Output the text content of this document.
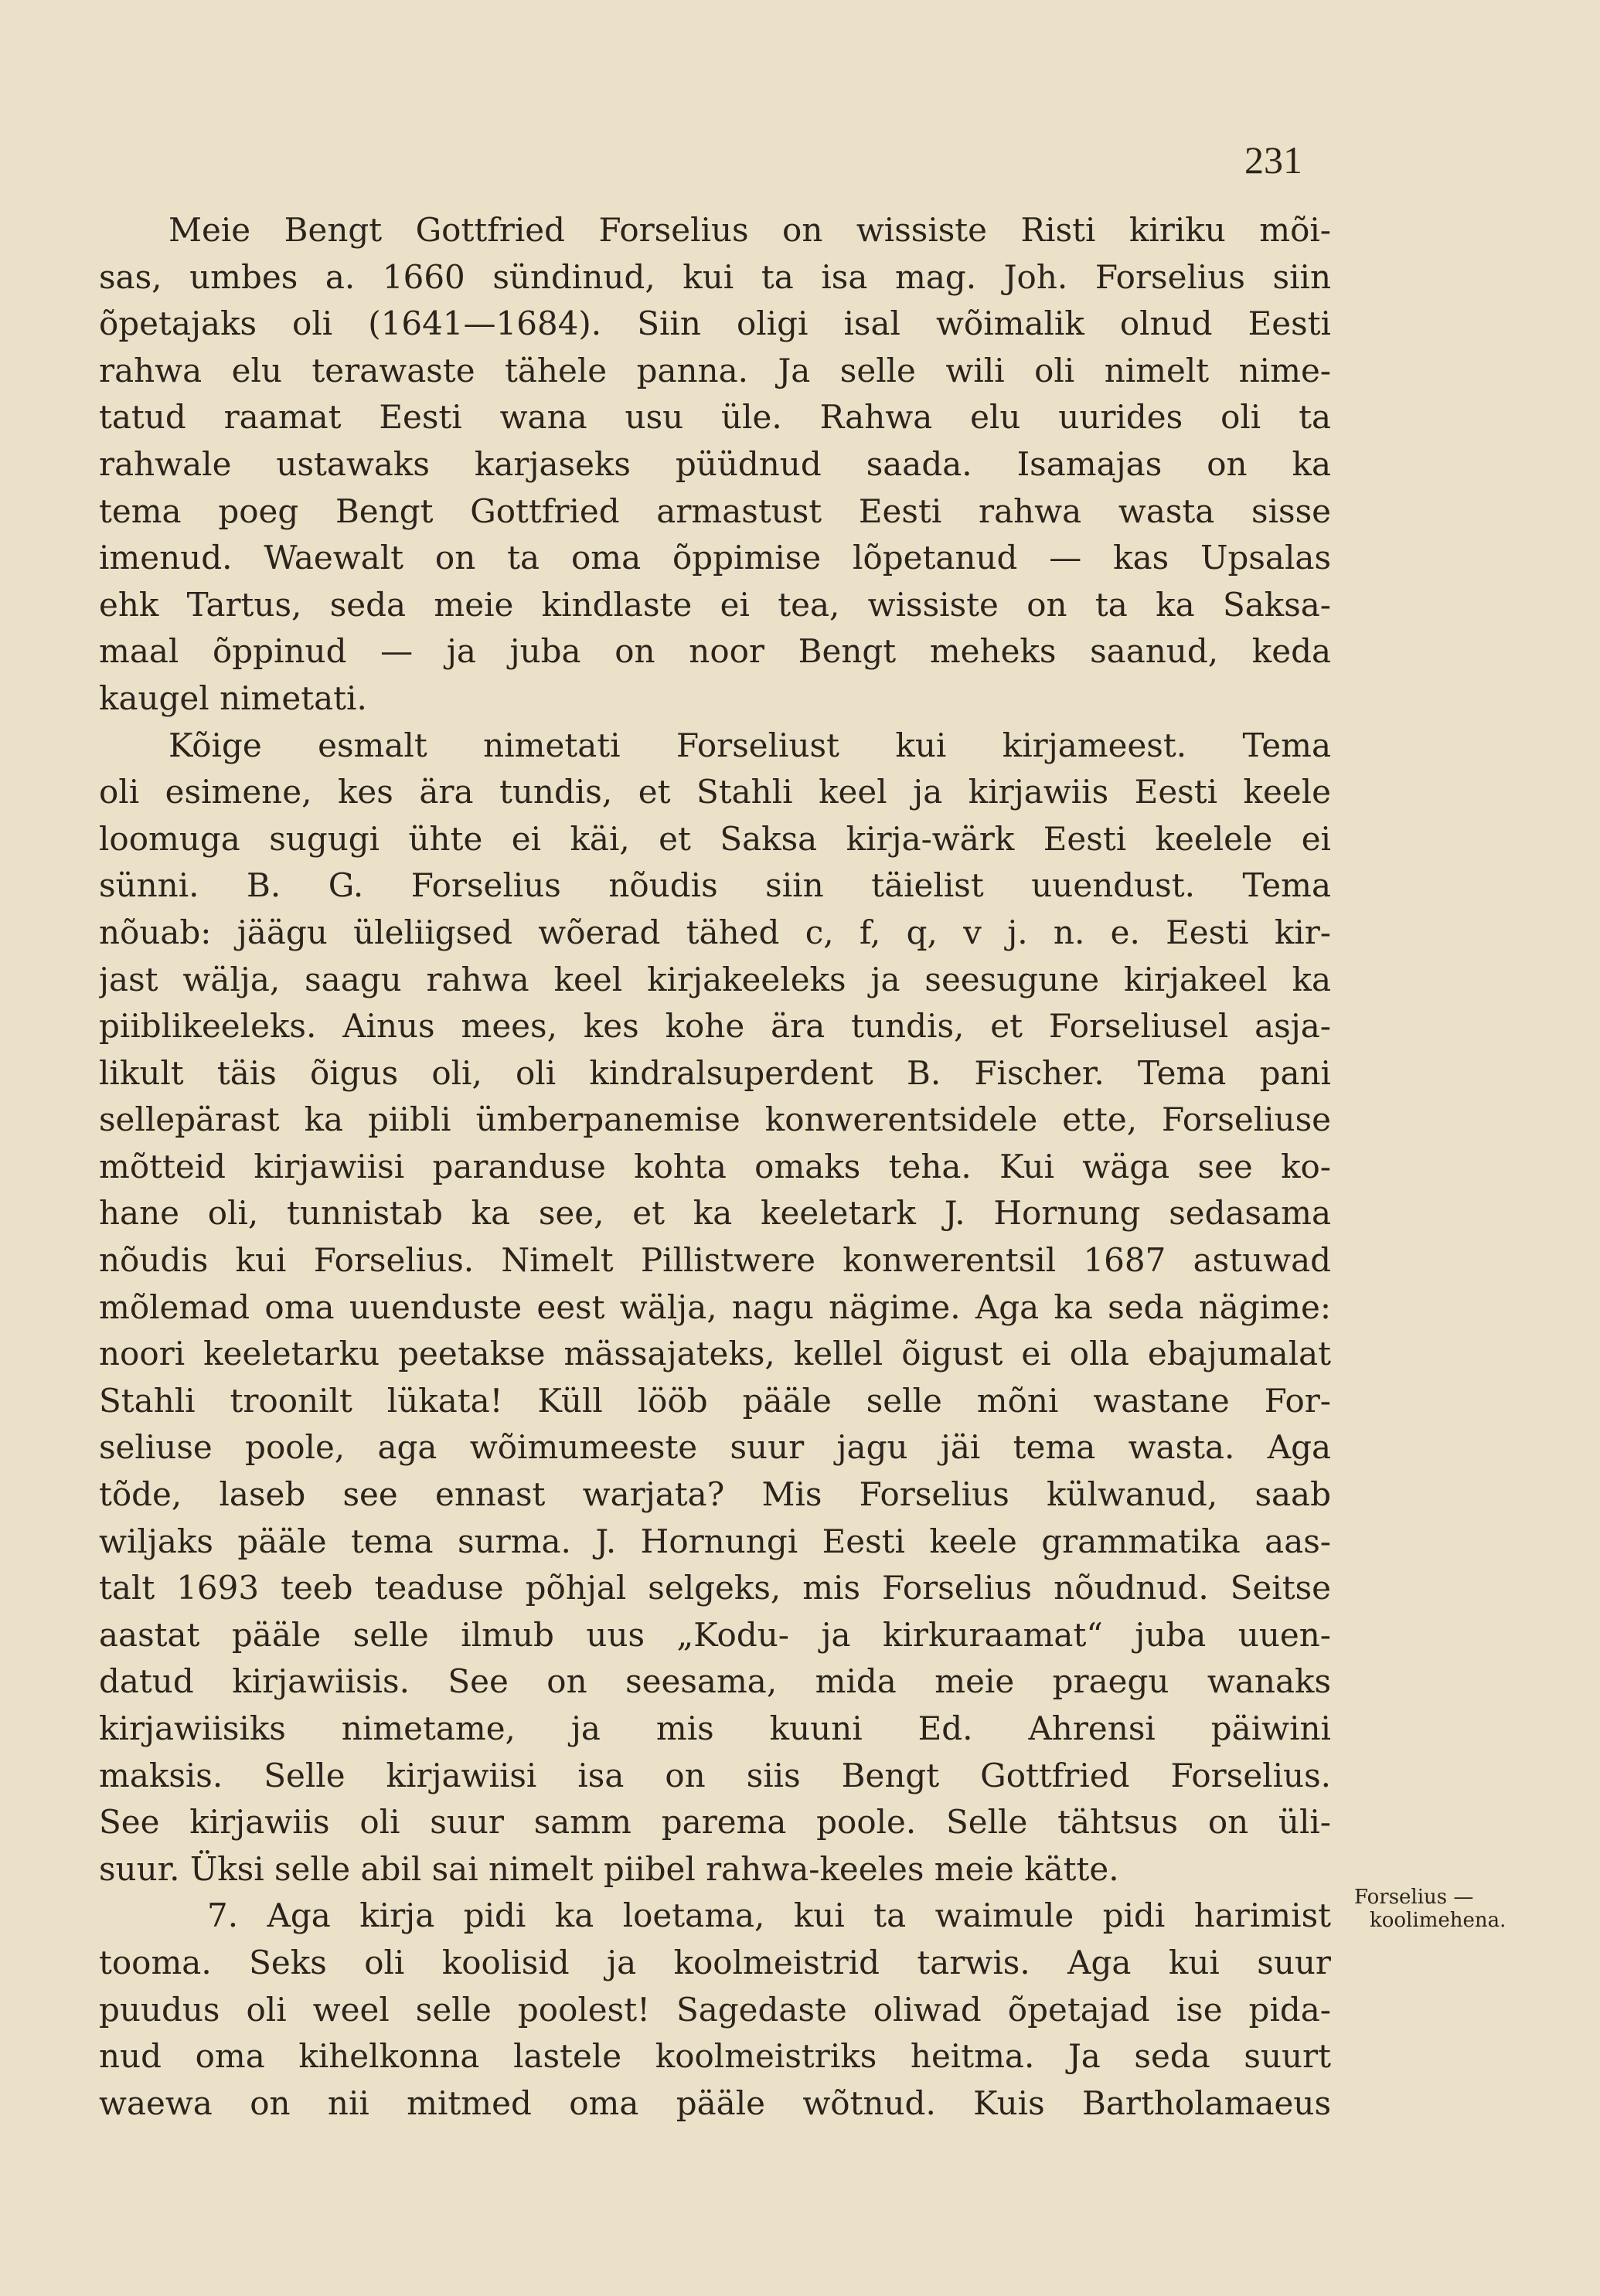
231
Meie Bengt Gottfried Forselius on wissiste Risti kiriku mõi-
sas, umbes a. 1660 sündinud, kui ta isa mag. Joh. Forselius siin
õpetajaks oli (1641—1684). Siin oligi isal wõimalik olnud Eesti
rahwa elu terawaste tähele panna. Ja selle wili oli nimelt nime-
tatud raamat Eesti wana usu üle. Rahwa elu uurides oli ta
rahwale ustawaks karjaseks püüdnud saada. Isamajas on ka
tema poeg Bengt Gottfried armastust Eesti rahwa wasta sisse
imenud. Waewalt on ta oma õppimise lõpetanud — kas Upsalas
ehk Tartus, seda meie kindlaste ei tea, wissiste on ta ka Saksa-
maal õppinud — ja juba on noor Bengt meheks saanud, keda
kaugel nimetati.
Kõige esmalt nimetati Forseliust kui kirjameest. Tema
oli esimene, kes ära tundis, et Stahli keel ja kirjawiis Eesti keele
loomuga sugugi ühte ei käi, et Saksa kirja-wärk Eesti keelele ei
sünni. B. G. Forselius nõudis siin täielist uuendust. Tema
nõuab: jäägu üleliigsed wõerad tähed c, f, q, v j. n. e. Eesti kir-
jast wälja, saagu rahwa keel kirjakeeleks ja seesugune kirjakeel ka
piiblikeeleks. Ainus mees, kes kohe ära tundis, et Forseliusel asja-
likult täis õigus oli, oli kindralsuperdent B. Fischer. Tema pani
sellepärast ka piibli ümberpanemise konwerentsidele ette, Forseliuse
mõtteid kirjawiisi paranduse kohta omaks teha. Kui wäga see ko-
hane oli, tunnistab ka see, et ka keeletark J. Hornung sedasama
nõudis kui Forselius. Nimelt Pillistwere konwerentsil 1687 astuwad
mõlemad oma uuenduste eest wälja, nagu nägime. Aga ka seda nägime:
noori keeletarku peetakse mässajateks, kellel õigust ei olla ebajumalat
Stahli troonilt lükata! Küll lööb pääle selle mõni wastane For-
seliuse poole, aga wõimumeeste suur jagu jäi tema wasta. Aga
tõde, laseb see ennast warjata? Mis Forselius külwanud, saab
wiljaks pääle tema surma. J. Hornungi Eesti keele grammatika aas-
talt 1693 teeb teaduse põhjal selgeks, mis Forselius nõudnud. Seitse
aastat pääle selle ilmub uus „Kodu- ja kirkuraamat“ juba uuen-
datud kirjawiisis. See on seesama, mida meie praegu wanaks
kirjawiisiks nimetame, ja mis kuuni Ed. Ahrensi päiwini
maksis. Selle kirjawiisi isa on siis Bengt Gottfried Forselius.
See kirjawiis oli suur samm parema poole. Selle tähtsus on üli-
suur. Üksi selle abil sai nimelt piibel rahwa-keeles meie kätte.
7. Aga kirja pidi ka loetama, kui ta waimule pidi harimist
tooma. Seks oli koolisid ja koolmeistrid tarwis. Aga kui suur
puudus oli weel selle poolest! Sagedaste oliwad õpetajad ise pida-
nud oma kihelkonna lastele koolmeistriks heitma. Ja seda suurt
waewa on nii mitmed oma pääle wõtnud. Kuis Bartholamaeus
Forselius —
koolimehena.
